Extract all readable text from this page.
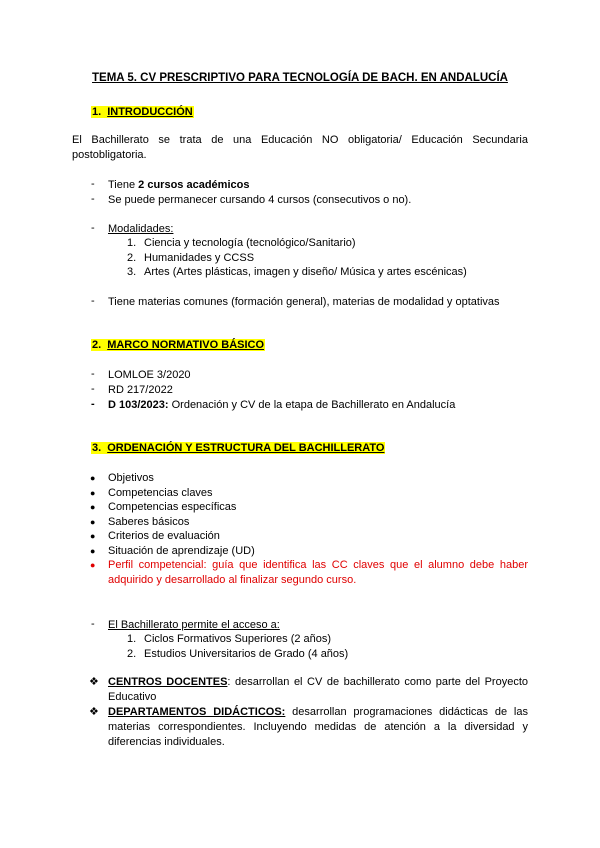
TEMA 5. CV PRESCRIPTIVO PARA TECNOLOGÍA DE BACH. EN ANDALUCÍA
1. INTRODUCCIÓN
El Bachillerato se trata de una Educación NO obligatoria/ Educación Secundaria postobligatoria.
- Tiene 2 cursos académicos
- Se puede permanecer cursando 4 cursos (consecutivos o no).
- Modalidades:
1. Ciencia y tecnología (tecnológico/Sanitario)
2. Humanidades y CCSS
3. Artes (Artes plásticas, imagen y diseño/ Música y artes escénicas)
- Tiene materias comunes (formación general), materias de modalidad y optativas
2. MARCO NORMATIVO BÁSICO
- LOMLOE 3/2020
- RD 217/2022
- D 103/2023: Ordenación y CV de la etapa de Bachillerato en Andalucía
3. ORDENACIÓN Y ESTRUCTURA DEL BACHILLERATO
● Objetivos
● Competencias claves
● Competencias específicas
● Saberes básicos
● Criterios de evaluación
● Situación de aprendizaje (UD)
● Perfil competencial: guía que identifica las CC claves que el alumno debe haber adquirido y desarrollado al finalizar segundo curso.
- El Bachillerato permite el acceso a:
1. Ciclos Formativos Superiores (2 años)
2. Estudios Universitarios de Grado (4 años)
❖ CENTROS DOCENTES: desarrollan el CV de bachillerato como parte del Proyecto Educativo
❖ DEPARTAMENTOS DIDÁCTICOS: desarrollan programaciones didácticas de las materias correspondientes. Incluyendo medidas de atención a la diversidad y diferencias individuales.
